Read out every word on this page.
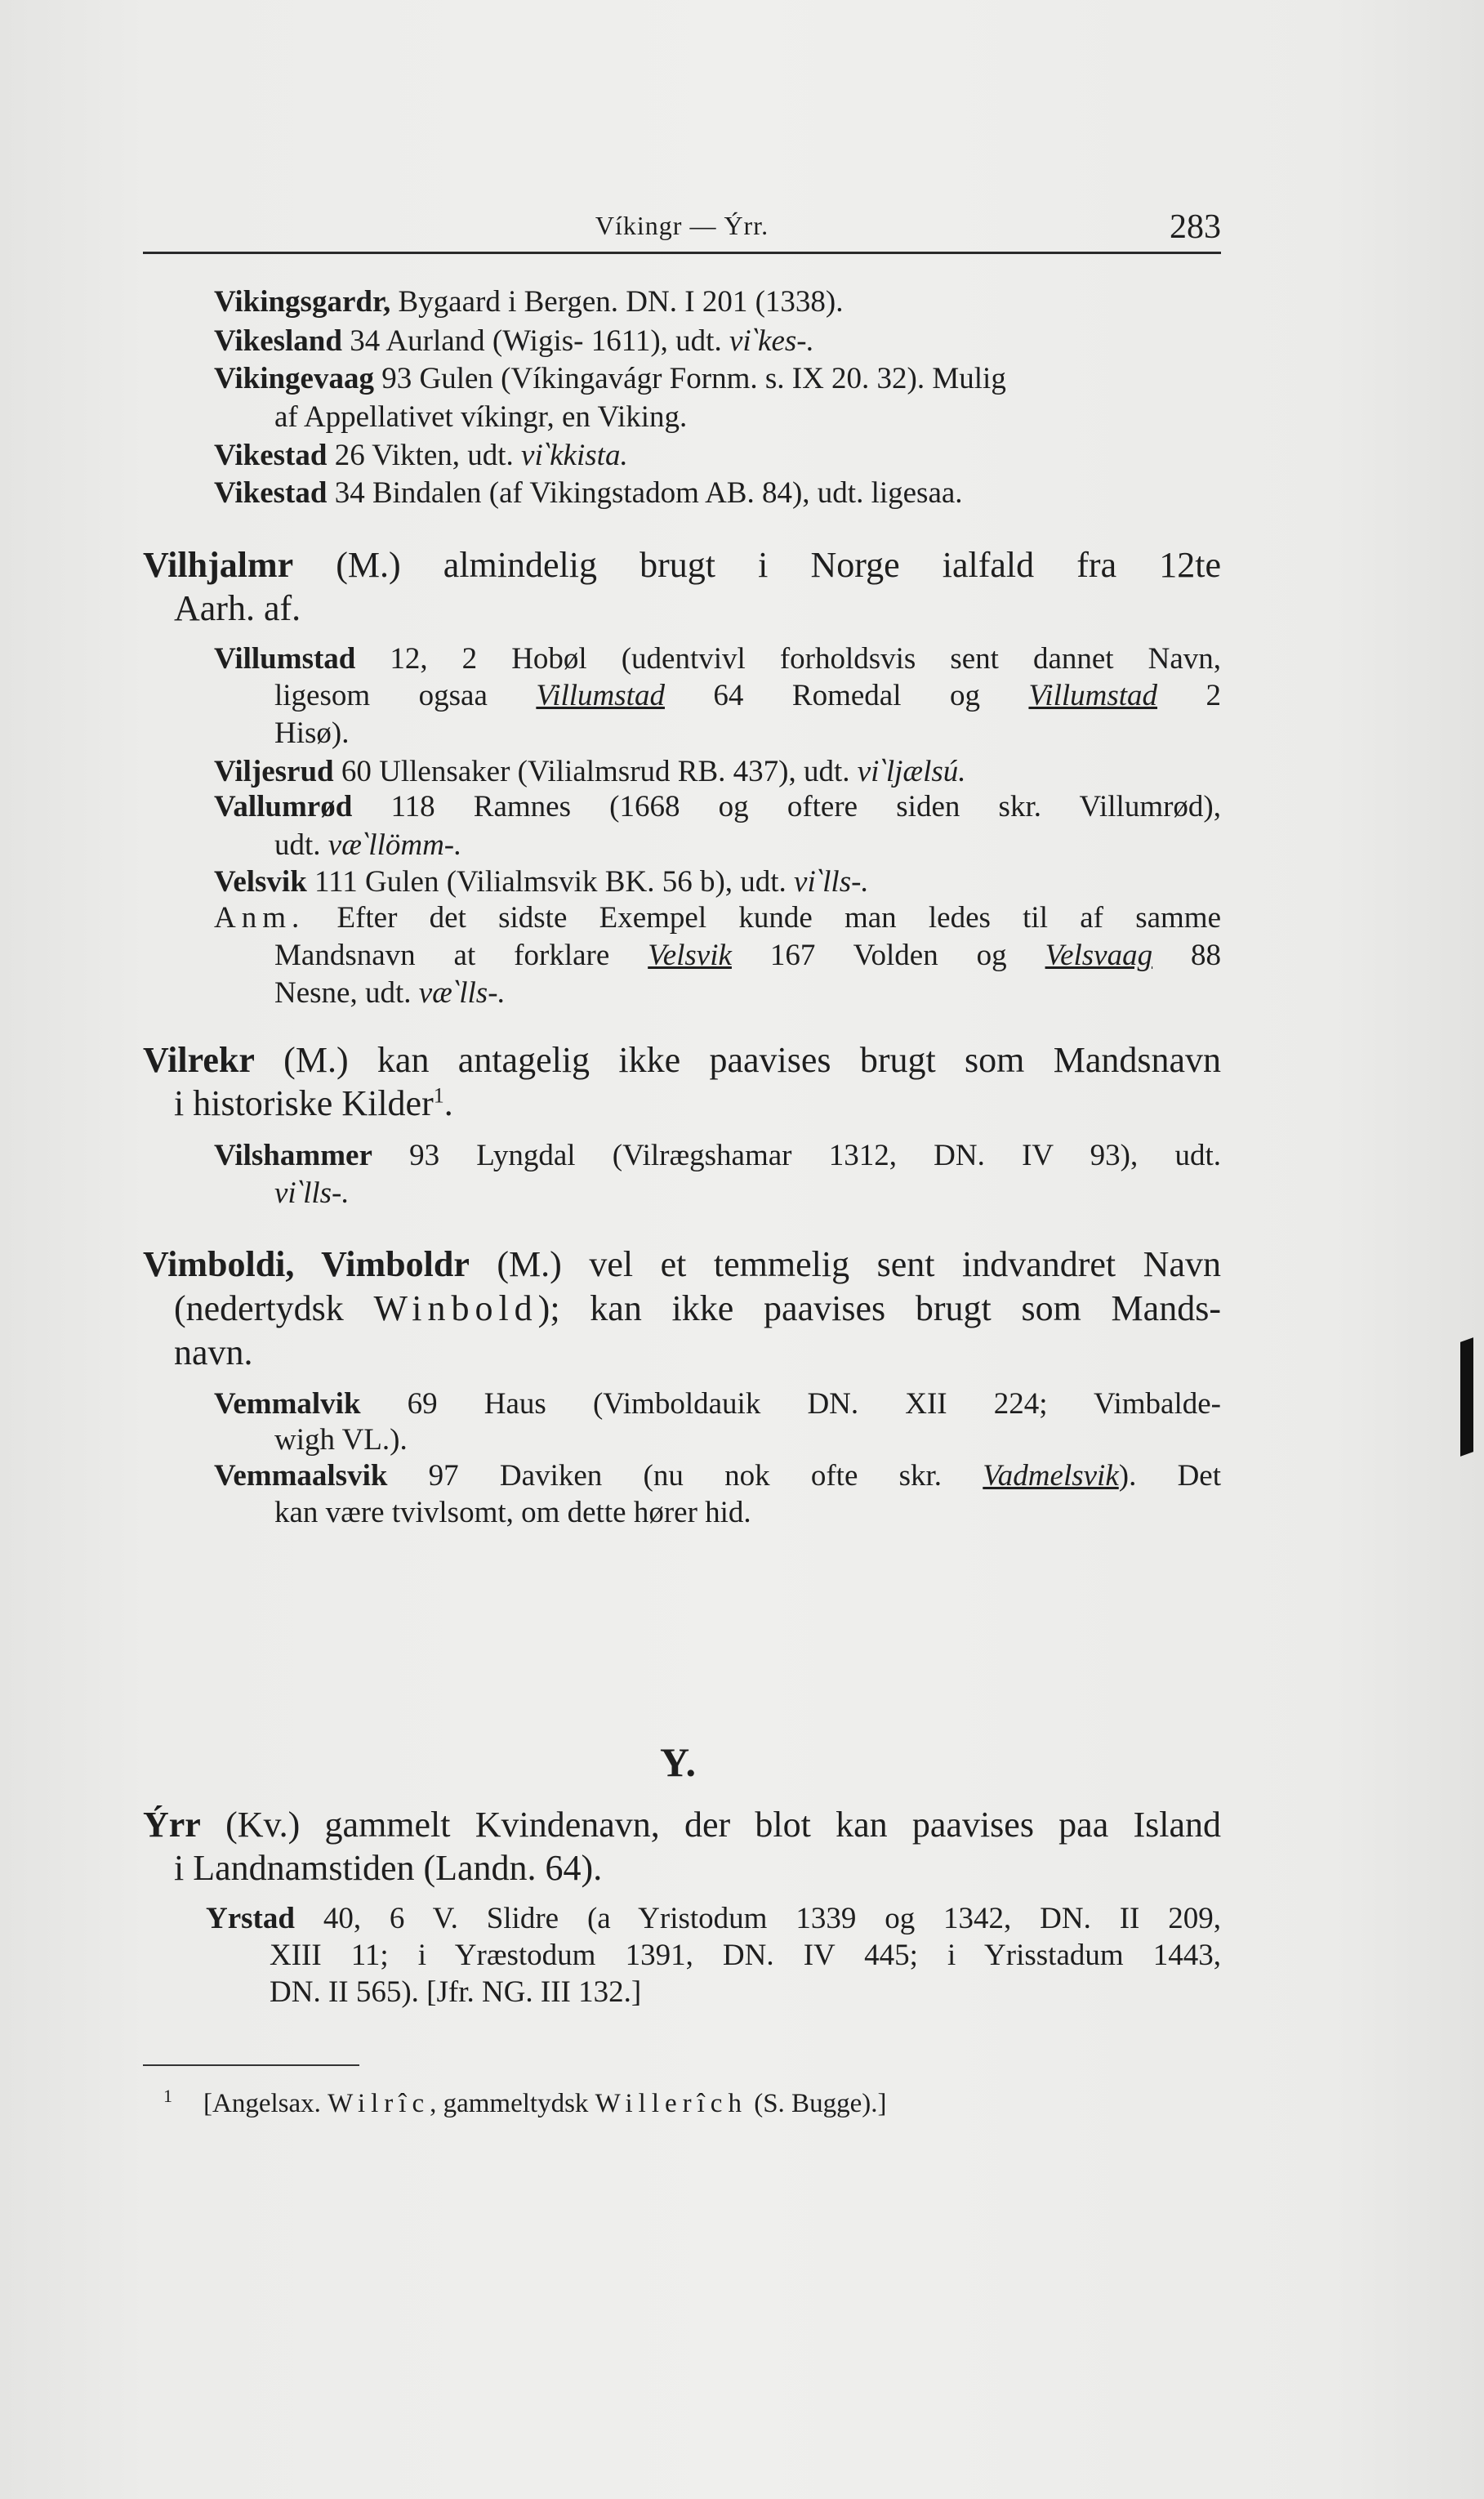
Víkingr — Ýrr.	283
Vikingsgardr, Bygaard i Bergen. DN. I 201 (1338).
Vikesland 34 Aurland (Wigis- 1611), udt. vi‵kes-.
Vikingevaag 93 Gulen (Víkingavágr Fornm. s. IX 20. 32). Mulig
af Appellativet víkingr, en Viking.
Vikestad 26 Vikten, udt. vi‵kkista.
Vikestad 34 Bindalen (af Vikingstadom AB. 84), udt. ligesaa.
Vilhjalmr (M.) almindelig brugt i Norge ialfald fra 12te
Aarh. af.
Villumstad 12, 2 Hobøl (udentvivl forholdsvis sent dannet Navn,
ligesom ogsaa Villumstad 64 Romedal og Villumstad 2
Hisø).
Viljesrud 60 Ullensaker (Vilialmsrud RB. 437), udt. vi‵ljælsú.
Vallumrød 118 Ramnes (1668 og oftere siden skr. Villumrød),
udt. væ‵llömm-.
Velsvik 111 Gulen (Vilialmsvik BK. 56 b), udt. vi‵lls-.
Anm. Efter det sidste Exempel kunde man ledes til af samme
Mandsnavn at forklare Velsvik 167 Volden og Velsvaag 88
Nesne, udt. væ‵lls-.
Vilrekr (M.) kan antagelig ikke paavises brugt som Mandsnavn
i historiske Kilder$^1$.
Vilshammer 93 Lyngdal (Vilrægshamar 1312, DN. IV 93), udt.
vi‵lls-.
Vimboldi, Vimboldr (M.) vel et temmelig sent indvandret Navn
(nedertydsk Winbold); kan ikke paavises brugt som Mands-
navn.
Vemmalvik 69 Haus (Vimboldauik DN. XII 224; Vimbalde-
wigh VL.).
Vemmaalsvik 97 Daviken (nu nok ofte skr. Vadmelsvik). Det
kan være tvivlsomt, om dette hører hid.
Y.
Ýrr (Kv.) gammelt Kvindenavn, der blot kan paavises paa Island
i Landnamstiden (Landn. 64).
Yrstad 40, 6 V. Slidre (a Yristodum 1339 og 1342, DN. II 209,
XIII 11; i Yræstodum 1391, DN. IV 445; i Yrisstadum 1443,
DN. II 565). [Jfr. NG. III 132.]
$^1$ [Angelsax. Wilrîc, gammeltydsk Willerîch (S. Bugge).]
